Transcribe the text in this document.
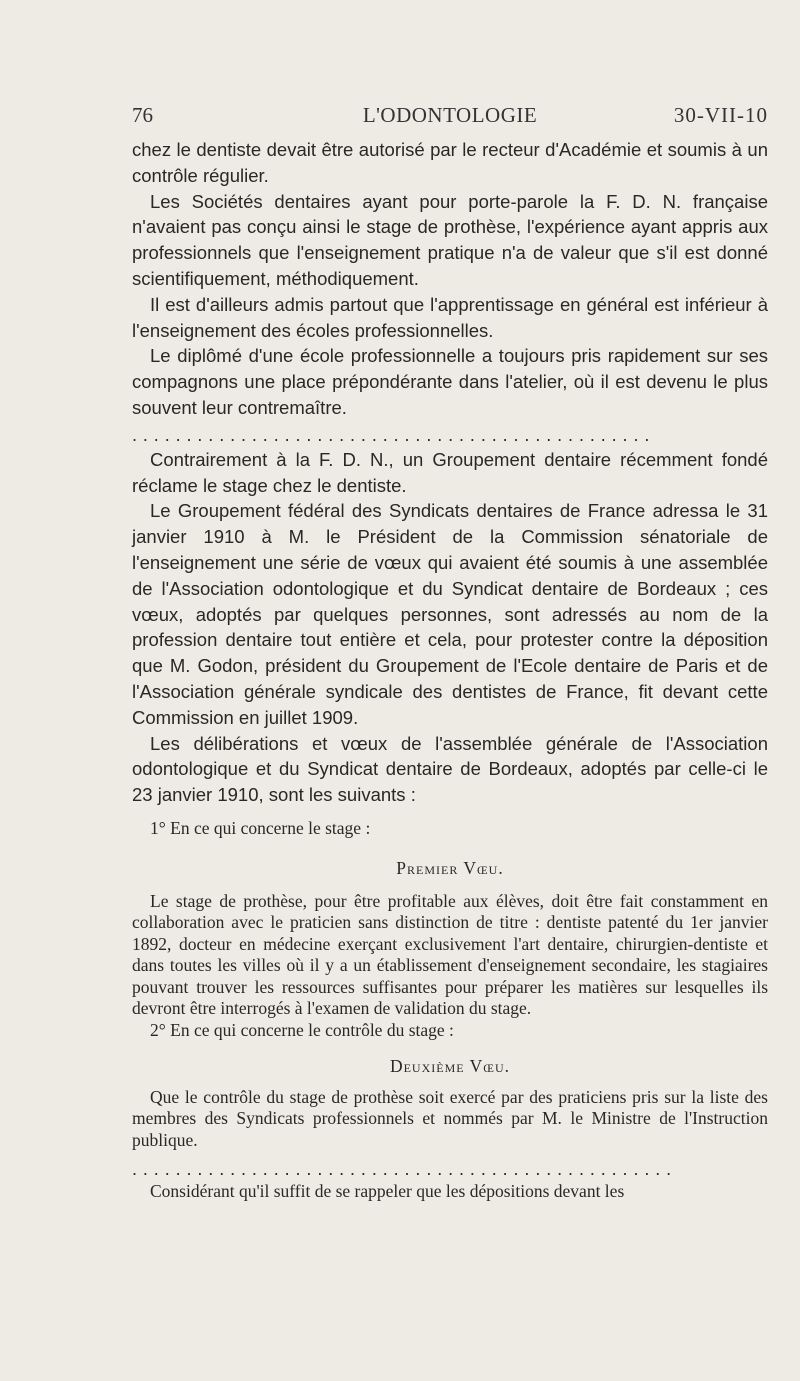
76	L'ODONTOLOGIE	30-VII-10

chez le dentiste devait être autorisé par le recteur d'Académie et soumis à un contrôle régulier.

Les Sociétés dentaires ayant pour porte-parole la F. D. N. française n'avaient pas conçu ainsi le stage de prothèse, l'expérience ayant appris aux professionnels que l'enseignement pratique n'a de valeur que s'il est donné scientifiquement, méthodiquement.

Il est d'ailleurs admis partout que l'apprentissage en général est inférieur à l'enseignement des écoles professionnelles.

Le diplômé d'une école professionnelle a toujours pris rapidement sur ses compagnons une place prépondérante dans l'atelier, où il est devenu le plus souvent leur contremaître.

................................................

Contrairement à la F. D. N., un Groupement dentaire récemment fondé réclame le stage chez le dentiste.

Le Groupement fédéral des Syndicats dentaires de France adressa le 31 janvier 1910 à M. le Président de la Commission sénatoriale de l'enseignement une série de vœux qui avaient été soumis à une assemblée de l'Association odontologique et du Syndicat dentaire de Bordeaux ; ces vœux, adoptés par quelques personnes, sont adressés au nom de la profession dentaire tout entière et cela, pour protester contre la déposition que M. Godon, président du Groupement de l'Ecole dentaire de Paris et de l'Association générale syndicale des dentistes de France, fit devant cette Commission en juillet 1909.

Les délibérations et vœux de l'assemblée générale de l'Association odontologique et du Syndicat dentaire de Bordeaux, adoptés par celle-ci le 23 janvier 1910, sont les suivants :

1° En ce qui concerne le stage :

Premier Vœu.

Le stage de prothèse, pour être profitable aux élèves, doit être fait constamment en collaboration avec le praticien sans distinction de titre : dentiste patenté du 1er janvier 1892, docteur en médecine exerçant exclusivement l'art dentaire, chirurgien-dentiste et dans toutes les villes où il y a un établissement d'enseignement secondaire, les stagiaires pouvant trouver les ressources suffisantes pour préparer les matières sur lesquelles ils devront être interrogés à l'examen de validation du stage.

2° En ce qui concerne le contrôle du stage :

Deuxième Vœu.

Que le contrôle du stage de prothèse soit exercé par des praticiens pris sur la liste des membres des Syndicats professionnels et nommés par M. le Ministre de l'Instruction publique.

..................................................

Considérant qu'il suffit de se rappeler que les dépositions devant les
